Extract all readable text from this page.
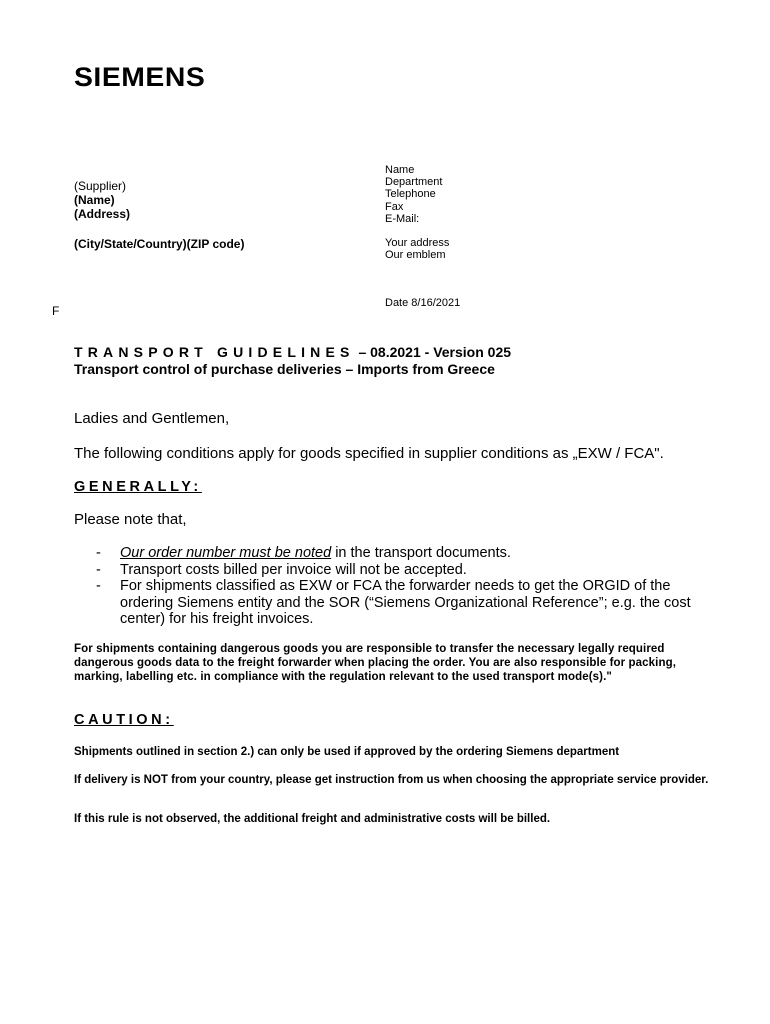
SIEMENS
(Supplier)
(Name)
(Address)
(City/State/Country)(ZIP code)
Name
Department
Telephone
Fax
E-Mail:
Your address
Our emblem
Date 8/16/2021
F
TRANSPORT GUIDELINES – 08.2021 - Version 025
Transport control of purchase deliveries – Imports from Greece
Ladies and Gentlemen,
The following conditions apply for goods specified in supplier conditions as „EXW / FCA".
GENERALLY:
Please note that,
-	Our order number must be noted in the transport documents.
-	Transport costs billed per invoice will not be accepted.
-	For shipments classified as EXW or FCA the forwarder needs to get the ORGID of the ordering Siemens entity and the SOR (“Siemens Organizational Reference”; e.g. the cost center) for his freight invoices.
For shipments containing dangerous goods you are responsible to transfer the necessary legally required dangerous goods data to the freight forwarder when placing the order. You are also responsible for packing, marking, labelling etc. in compliance with the regulation relevant to the used transport mode(s)."
CAUTION:
Shipments outlined in section 2.) can only be used if approved by the ordering Siemens department
If delivery is NOT from your country, please get instruction from us when choosing the appropriate service provider.
If this rule is not observed, the additional freight and administrative costs will be billed.
